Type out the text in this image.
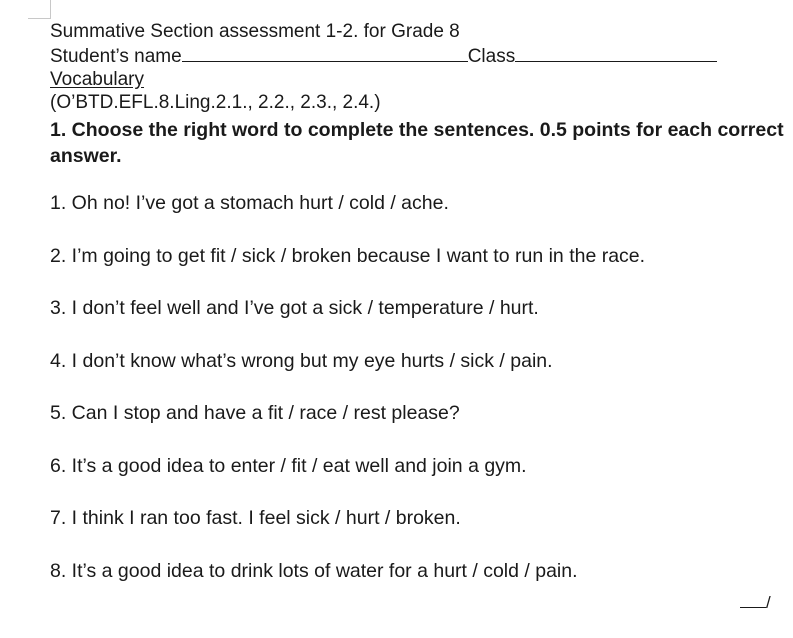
Summative Section assessment 1-2. for Grade 8
Student’s name	Class
Vocabulary
(O’BTD.EFL.8.Ling.2.1., 2.2., 2.3., 2.4.)
1. Choose the right word to complete the sentences. 0.5 points for each correct answer.
1. Oh no! I’ve got a stomach hurt / cold / ache.
2. I’m going to get fit / sick / broken because I want to run in the race.
3. I don’t feel well and I’ve got a sick / temperature / hurt.
4. I don’t know what’s wrong but my eye hurts / sick / pain.
5. Can I stop and have a fit / race / rest please?
6. It’s a good idea to enter / fit / eat well and join a gym.
7. I think I ran too fast. I feel sick / hurt / broken.
8. It’s a good idea to drink lots of water for a hurt / cold / pain.
/
